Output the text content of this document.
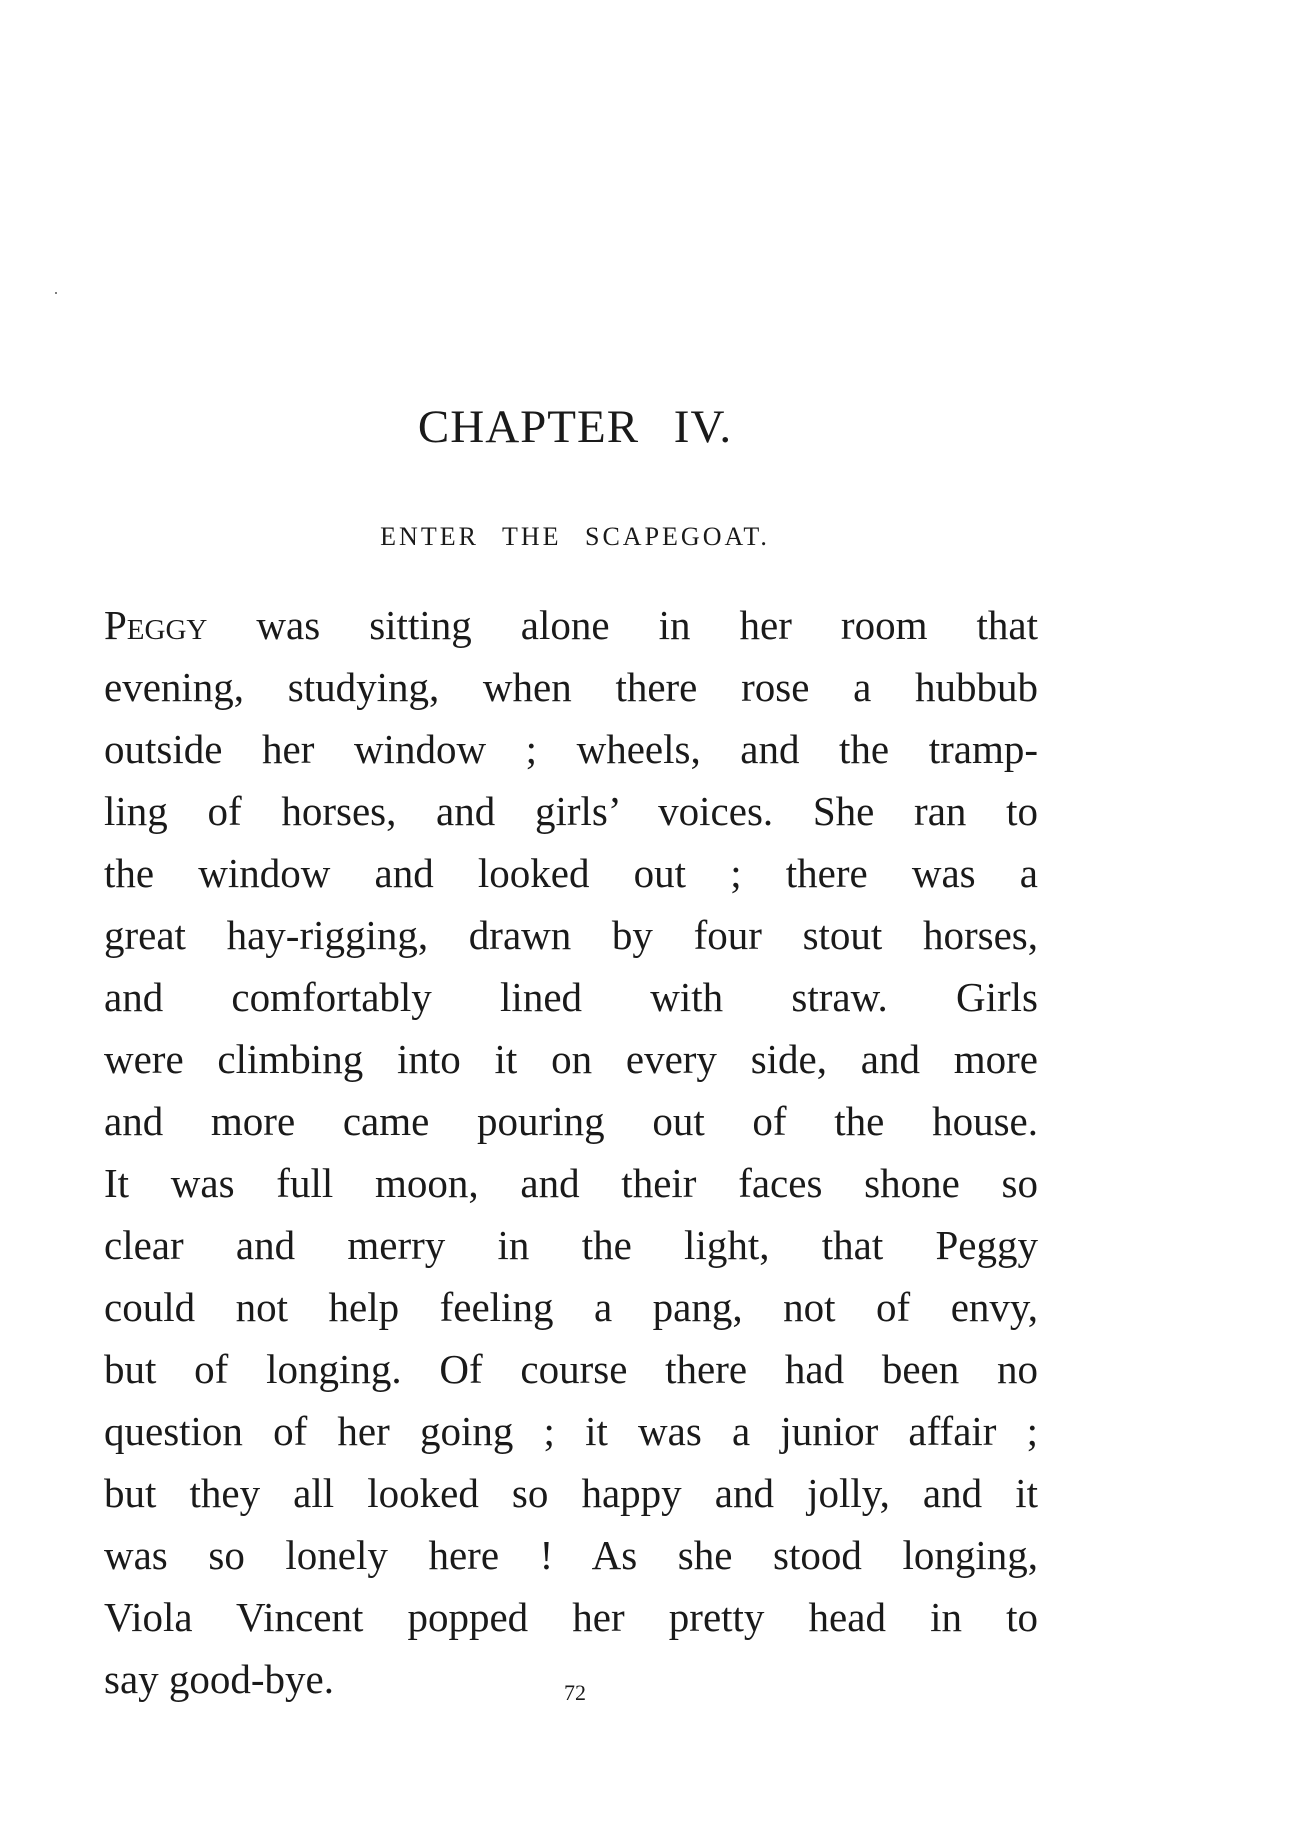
CHAPTER IV.
ENTER THE SCAPEGOAT.
Peggy was sitting alone in her room that
evening, studying, when there rose a hubbub
outside her window ; wheels, and the tramp-
ling of horses, and girls’ voices. She ran to
the window and looked out ; there was a
great hay-rigging, drawn by four stout horses,
and comfortably lined with straw. Girls
were climbing into it on every side, and more
and more came pouring out of the house.
It was full moon, and their faces shone so
clear and merry in the light, that Peggy
could not help feeling a pang, not of envy,
but of longing. Of course there had been no
question of her going ; it was a junior affair ;
but they all looked so happy and jolly, and it
was so lonely here ! As she stood longing,
Viola Vincent popped her pretty head in to
say good-bye.	72
